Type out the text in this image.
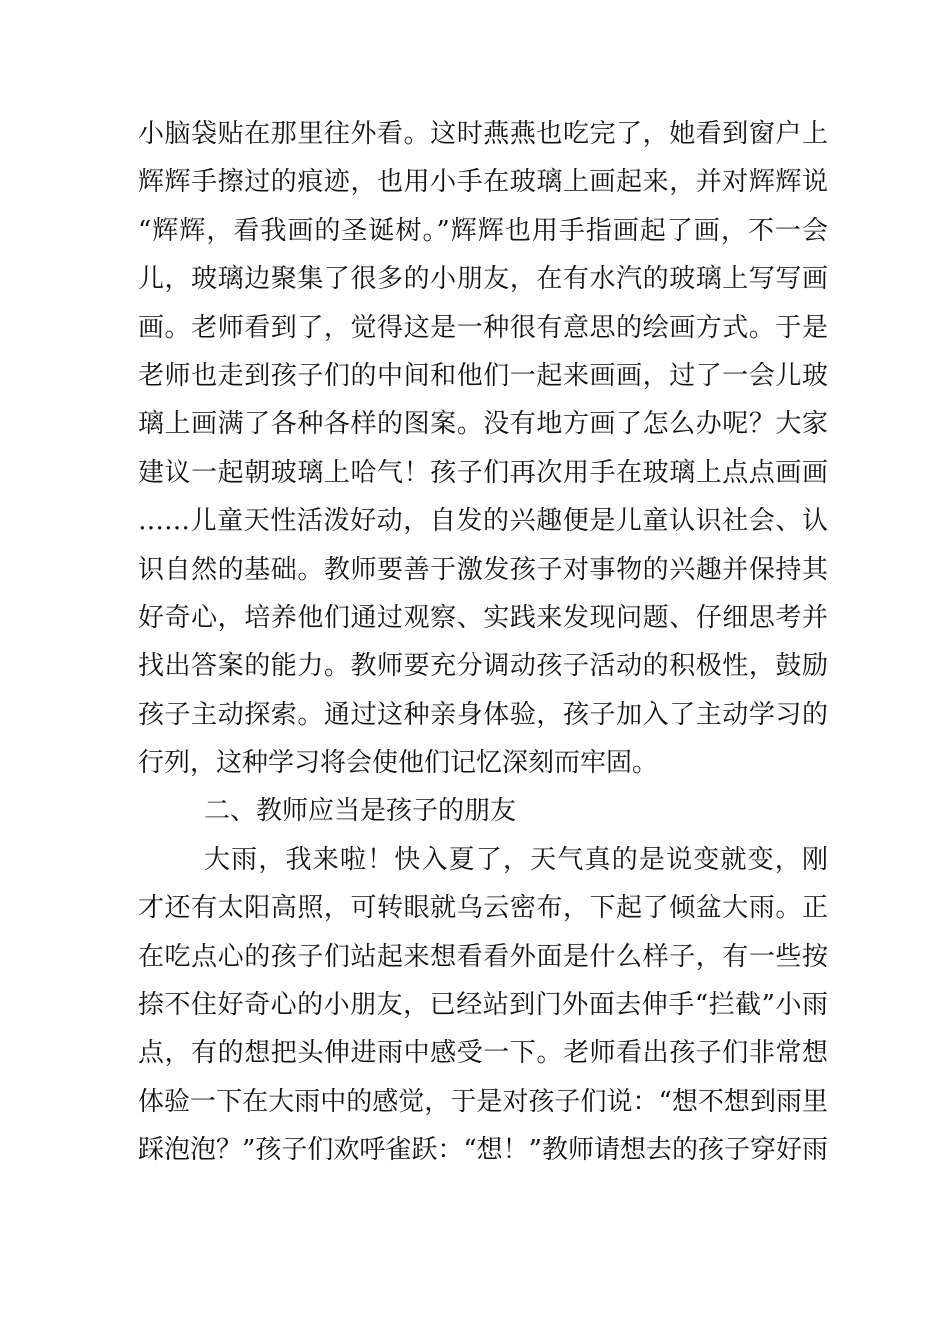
小脑袋贴在那里往外看。这时燕燕也吃完了，她看到窗户上
辉辉手擦过的痕迹，也用小手在玻璃上画起来，并对辉辉说
“辉辉，看我画的圣诞树。”辉辉也用手指画起了画，不一会
儿，玻璃边聚集了很多的小朋友，在有水汽的玻璃上写写画
画。老师看到了，觉得这是一种很有意思的绘画方式。于是
老师也走到孩子们的中间和他们一起来画画，过了一会儿玻
璃上画满了各种各样的图案。没有地方画了怎么办呢？大家
建议一起朝玻璃上哈气！孩子们再次用手在玻璃上点点画画
……儿童天性活泼好动，自发的兴趣便是儿童认识社会、认
识自然的基础。教师要善于激发孩子对事物的兴趣并保持其
好奇心，培养他们通过观察、实践来发现问题、仔细思考并
找出答案的能力。教师要充分调动孩子活动的积极性，鼓励
孩子主动探索。通过这种亲身体验，孩子加入了主动学习的
行列，这种学习将会使他们记忆深刻而牢固。
二、教师应当是孩子的朋友
大雨，我来啦！快入夏了，天气真的是说变就变，刚
才还有太阳高照，可转眼就乌云密布，下起了倾盆大雨。正
在吃点心的孩子们站起来想看看外面是什么样子，有一些按
捺不住好奇心的小朋友，已经站到门外面去伸手“拦截”小雨
点，有的想把头伸进雨中感受一下。老师看出孩子们非常想
体验一下在大雨中的感觉，于是对孩子们说：“想不想到雨里
踩泡泡？”孩子们欢呼雀跃：“想！”教师请想去的孩子穿好雨
